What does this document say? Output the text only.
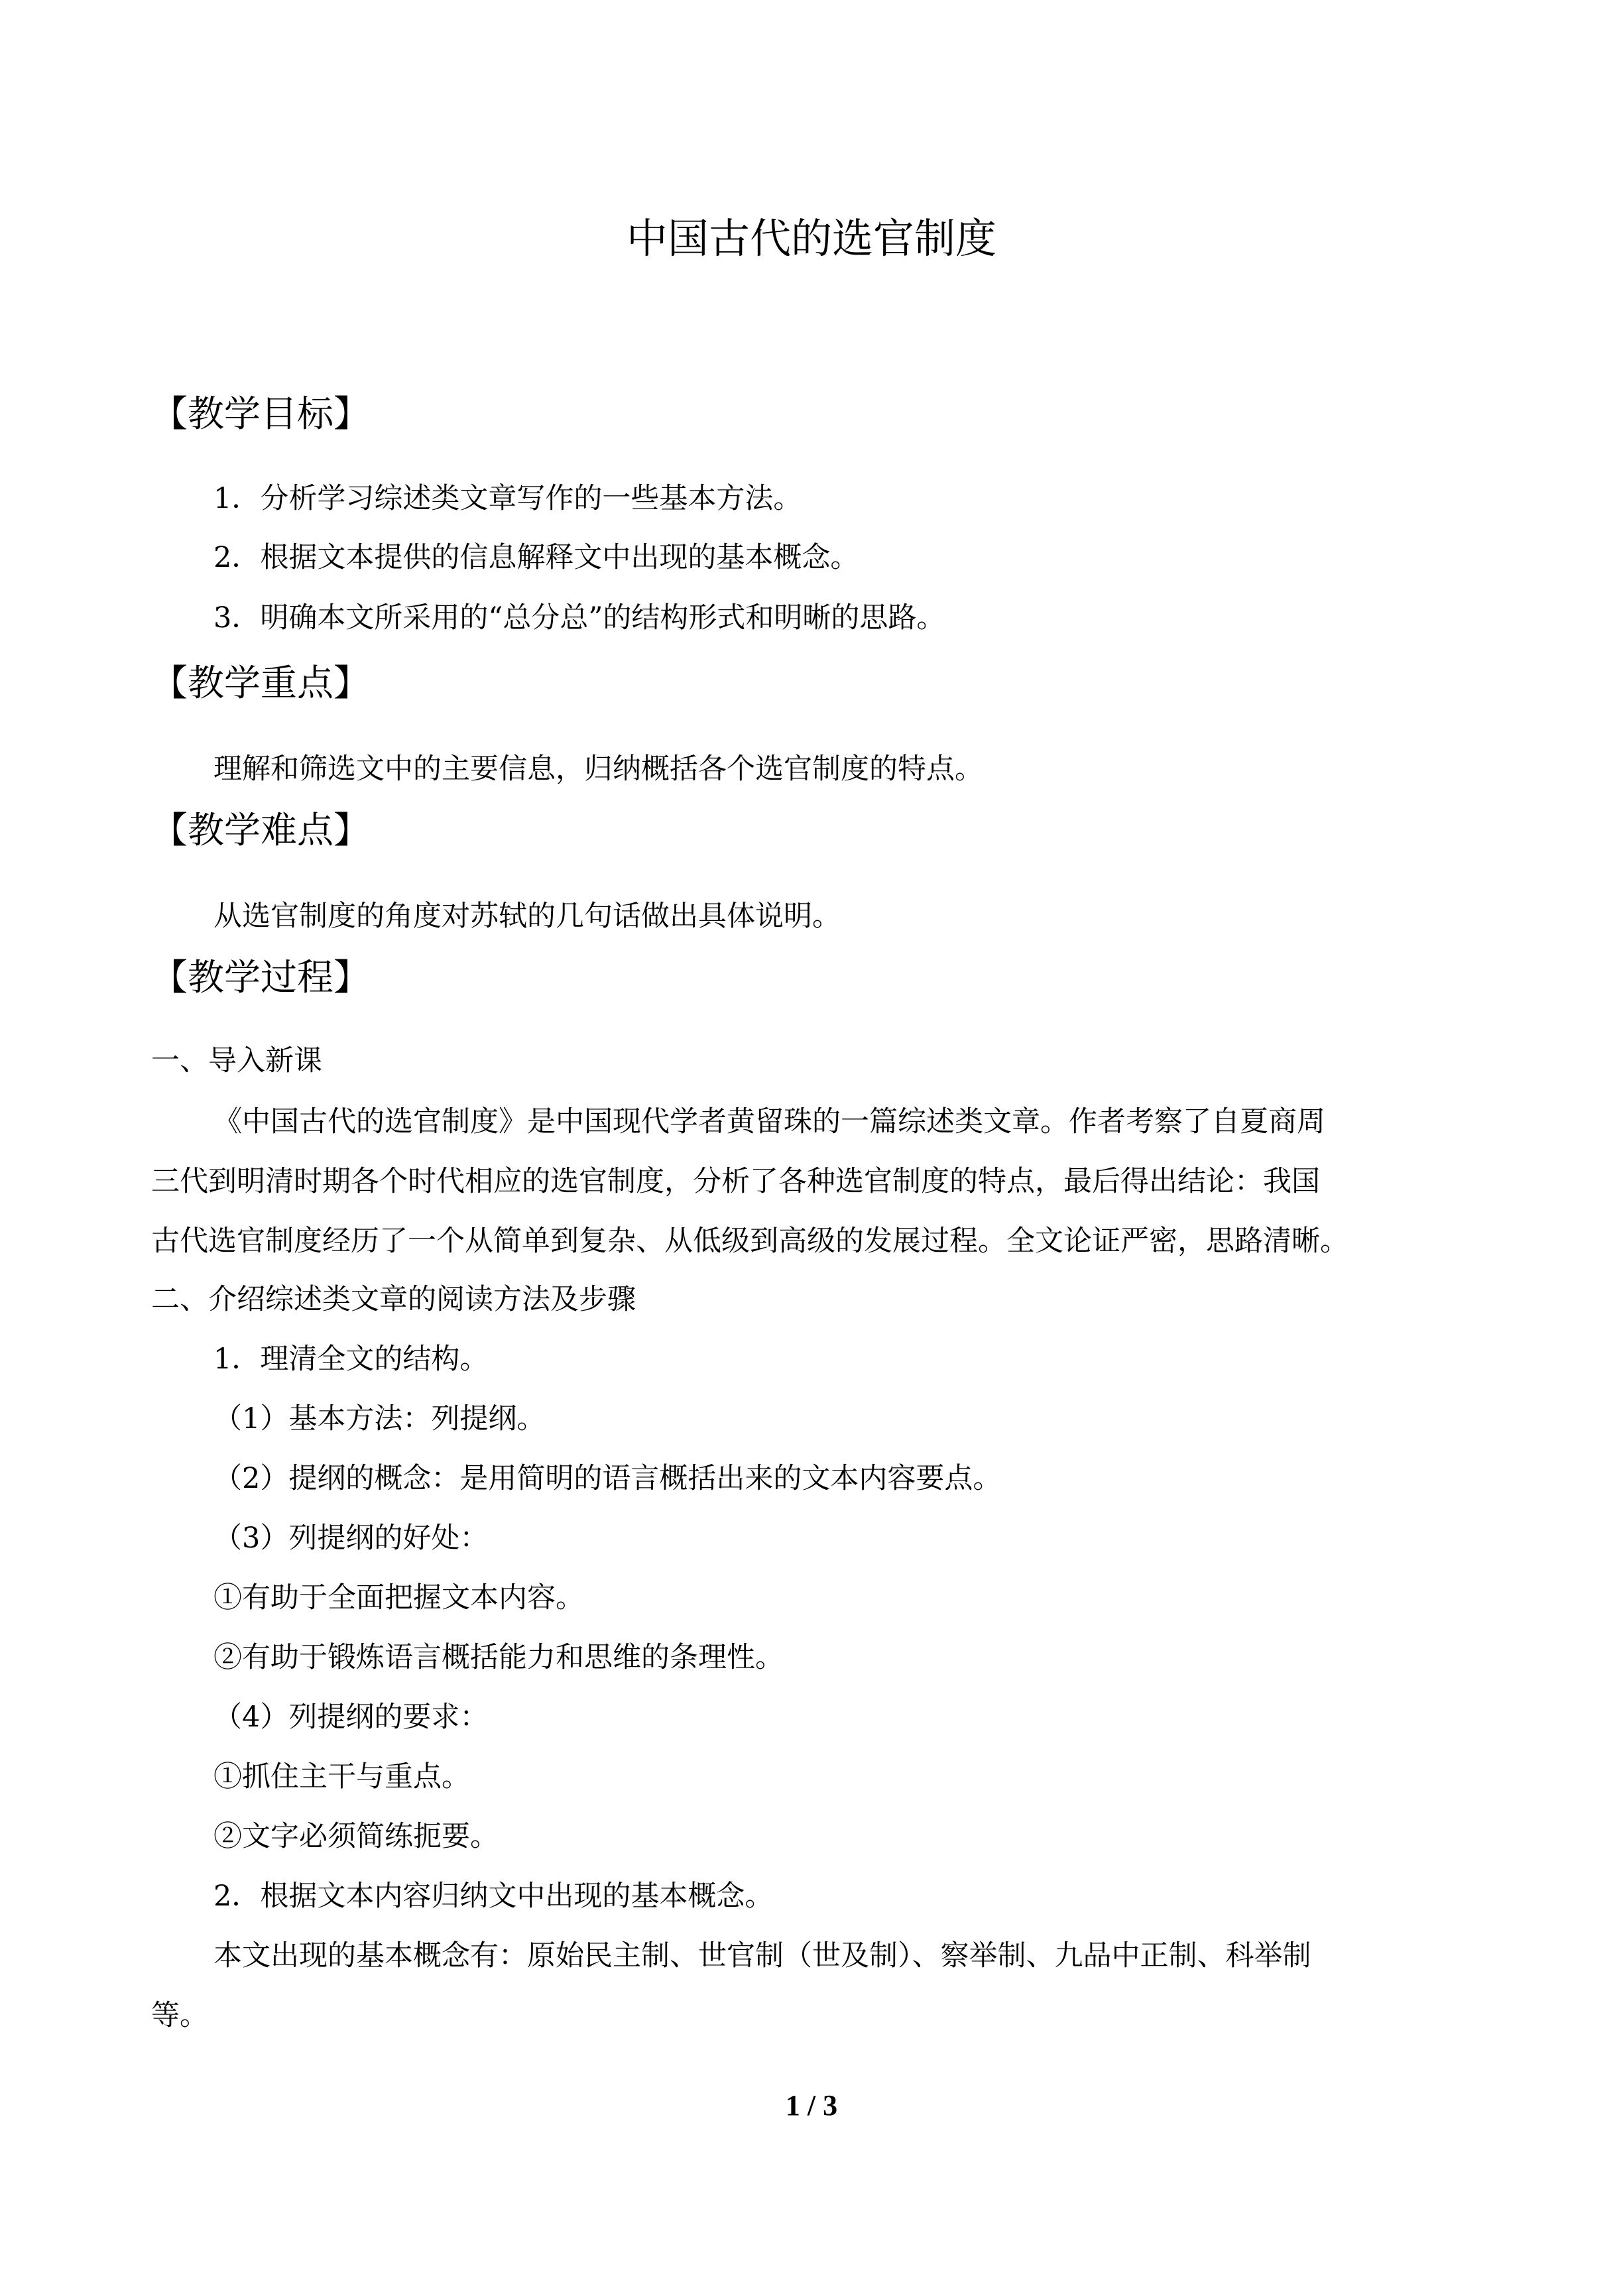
中国古代的选官制度
【教学目标】

1．分析学习综述类文章写作的一些基本方法。

2．根据文本提供的信息解释文中出现的基本概念。

3．明确本文所采用的“总分总”的结构形式和明晰的思路。

【教学重点】

理解和筛选文中的主要信息，归纳概括各个选官制度的特点。

【教学难点】

从选官制度的角度对苏轼的几句话做出具体说明。

【教学过程】

一、导入新课

《中国古代的选官制度》是中国现代学者黄留珠的一篇综述类文章。作者考察了自夏商周

三代到明清时期各个时代相应的选官制度，分析了各种选官制度的特点，最后得出结论：我国

古代选官制度经历了一个从简单到复杂、从低级到高级的发展过程。全文论证严密，思路清晰。

二、介绍综述类文章的阅读方法及步骤

1．理清全文的结构。

（1）基本方法：列提纲。

（2）提纲的概念：是用简明的语言概括出来的文本内容要点。

（3）列提纲的好处：

①有助于全面把握文本内容。

②有助于锻炼语言概括能力和思维的条理性。

（4）列提纲的要求：

①抓住主干与重点。

②文字必须简练扼要。

2．根据文本内容归纳文中出现的基本概念。

本文出现的基本概念有：原始民主制、世官制（世及制）、察举制、九品中正制、科举制

等。

1 / 3
